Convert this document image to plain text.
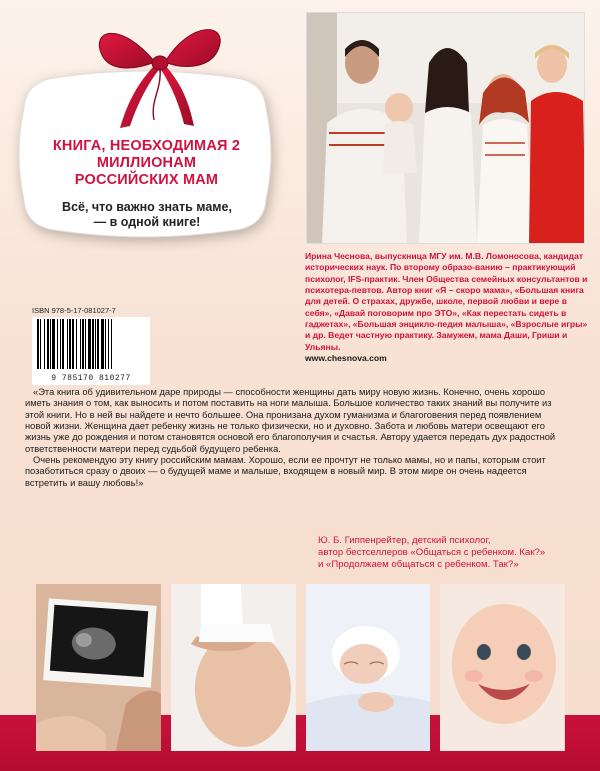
КНИГА, НЕОБХОДИМАЯ 2 МИЛЛИОНАМ РОССИЙСКИХ МАМ
Всё, что важно знать маме, — в одной книге!
Ирина Чеснова, выпускница МГУ им. М.В. Ломоносова, кандидат исторических наук. По второму образо-ванию – практикующий психолог, IFS-практик. Член Общества семейных консультантов и психотера-певтов. Автор книг «Я – скоро мама», «Большая книга для детей. О страхах, дружбе, школе, первой любви и вере в себя», «Давай поговорим про ЭТО», «Как перестать сидеть в гаджетах», «Большая энцикло-педия малыша», «Взрослые игры» и др. Ведет частную практику. Замужем, мама Даши, Гриши и Ульяны.
www.chesnova.com
ISBN 978-5-17-081027-7
9 785170 810277

«Эта книга об удивительном даре природы — способности женщины дать миру новую жизнь. Конечно, очень хорошо иметь знания о том, как выносить и потом поставить на ноги малыша. Большое количество таких знаний вы получите из этой книги. Но в ней вы найдете и нечто большее. Она пронизана духом гуманизма и благоговения перед появлением новой жизни. Женщина дает ребенку жизнь не только физически, но и духовно. Забота и любовь матери освещают его жизнь уже до рождения и потом становятся основой его благополучия и счастья. Автору удается передать дух радостной ответственности матери перед судьбой будущего ребенка.

Очень рекомендую эту книгу российским мамам. Хорошо, если ее прочтут не только мамы, но и папы, которым стоит позаботиться сразу о двоих — о будущей маме и малыше, входящем в новый мир. В этом мире он очень надеется встретить и вашу любовь!»

Ю. Б. Гиппенрейтер, детский психолог,
автор бестселлеров «Общаться с ребенком. Как?»
и «Продолжаем общаться с ребенком. Так?»
